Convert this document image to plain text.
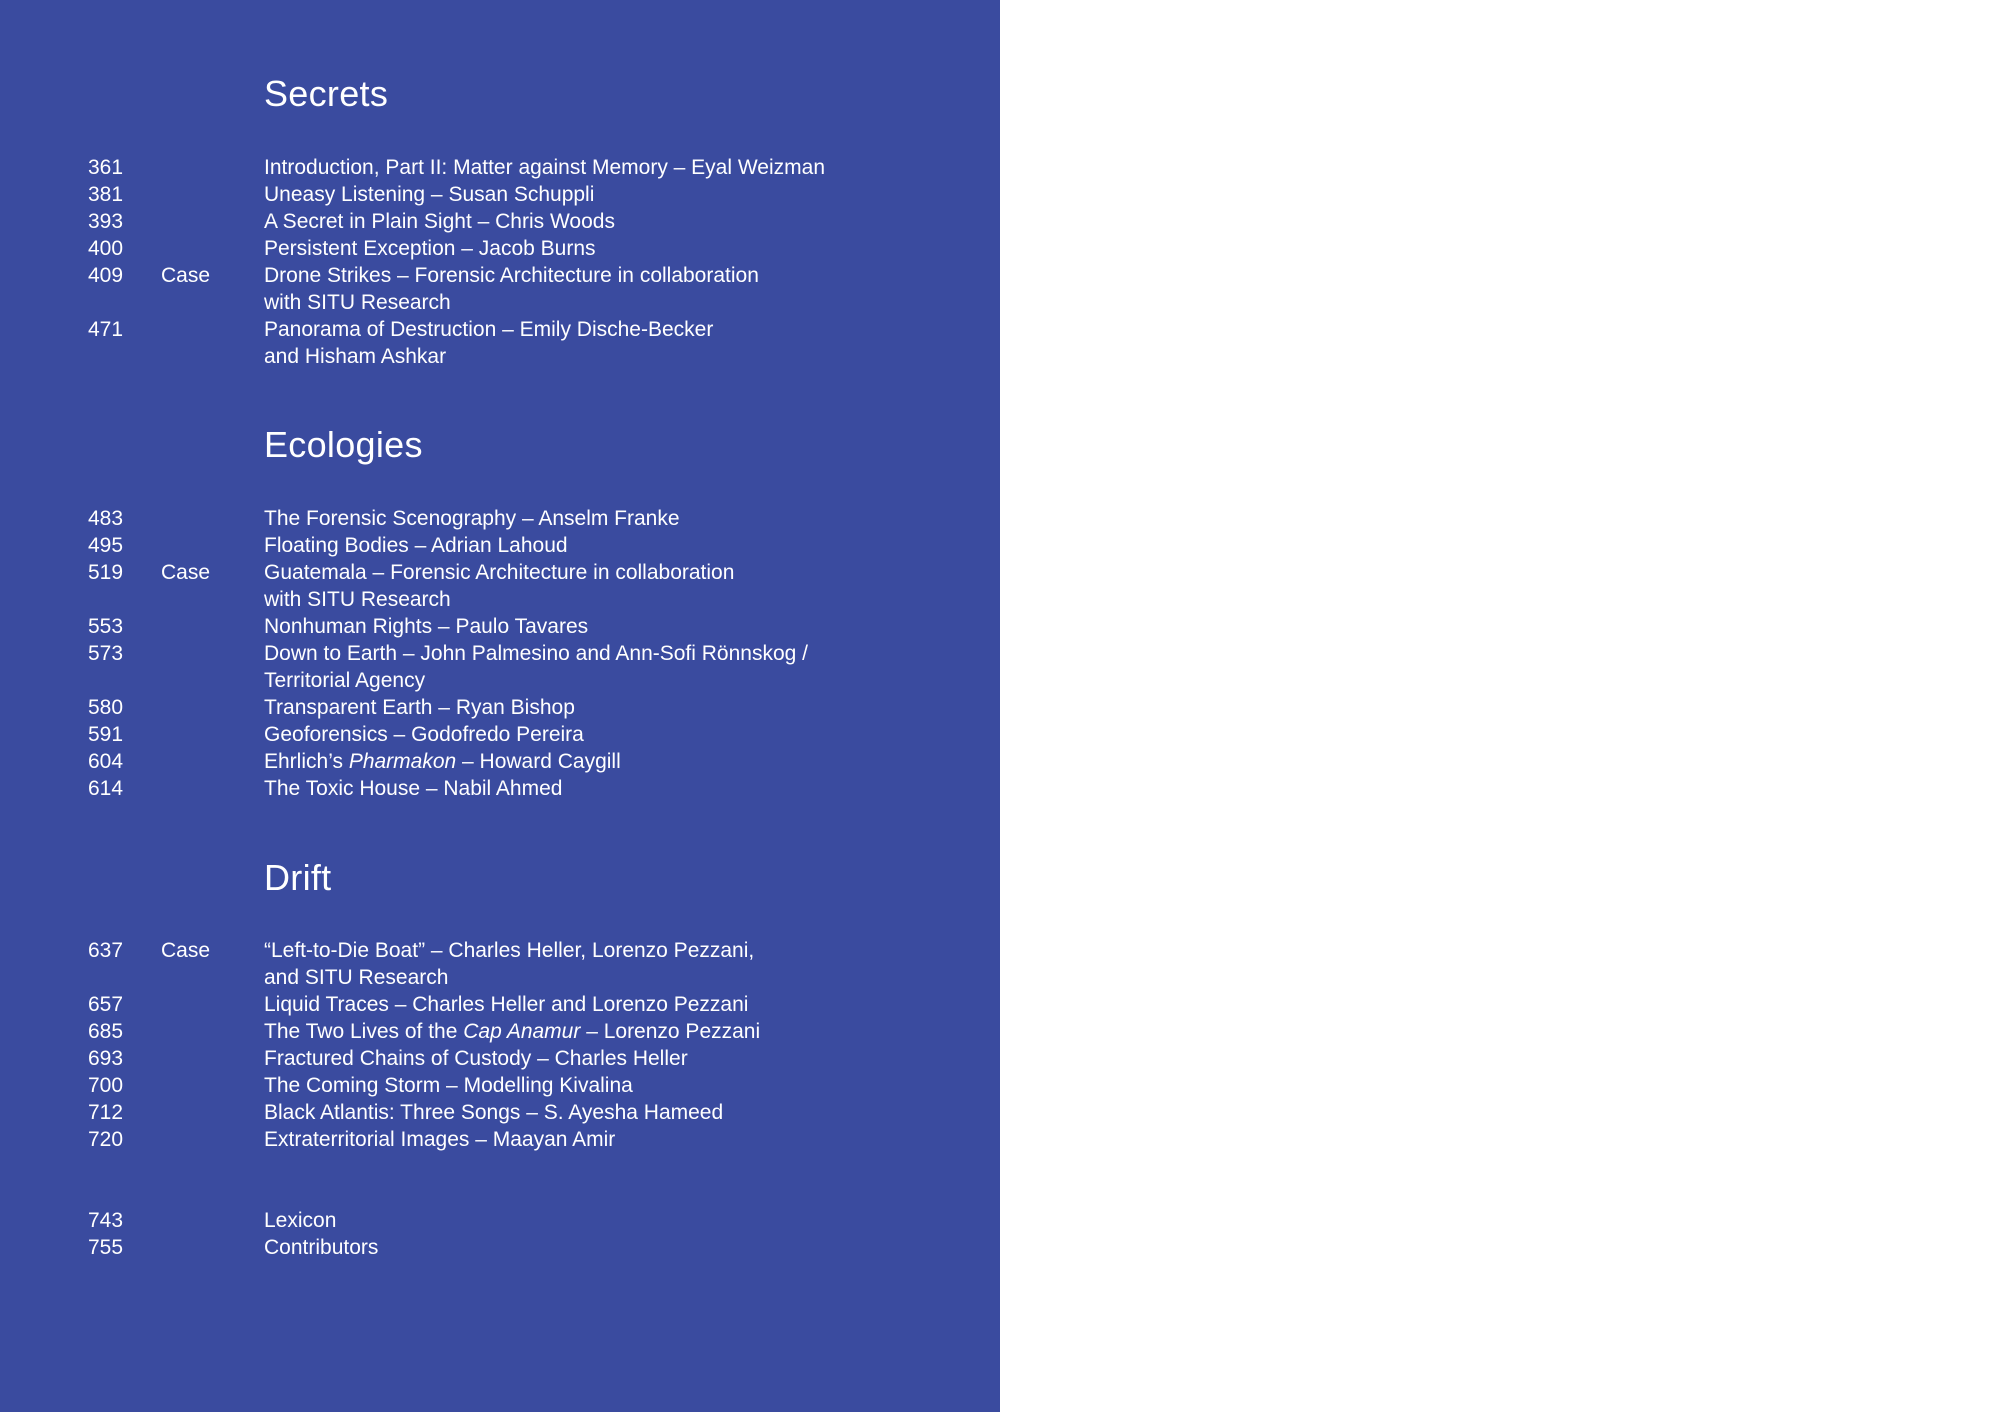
Secrets
361	Introduction, Part II: Matter against Memory – Eyal Weizman
381	Uneasy Listening – Susan Schuppli
393	A Secret in Plain Sight – Chris Woods
400	Persistent Exception – Jacob Burns
409 Case	Drone Strikes – Forensic Architecture in collaboration
with SITU Research
471	Panorama of Destruction – Emily Dische-Becker
and Hisham Ashkar
Ecologies
483	The Forensic Scenography – Anselm Franke
495	Floating Bodies – Adrian Lahoud
519 Case	Guatemala – Forensic Architecture in collaboration
with SITU Research
553	Nonhuman Rights – Paulo Tavares
573	Down to Earth – John Palmesino and Ann-Sofi Rönnskog /
Territorial Agency
580	Transparent Earth – Ryan Bishop
591	Geoforensics – Godofredo Pereira
604	Ehrlich’s Pharmakon – Howard Caygill
614	The Toxic House – Nabil Ahmed
Drift
637 Case	“Left-to-Die Boat” – Charles Heller, Lorenzo Pezzani,
and SITU Research
657	Liquid Traces – Charles Heller and Lorenzo Pezzani
685	The Two Lives of the Cap Anamur – Lorenzo Pezzani
693	Fractured Chains of Custody – Charles Heller
700	The Coming Storm – Modelling Kivalina
712	Black Atlantis: Three Songs – S. Ayesha Hameed
720	Extraterritorial Images – Maayan Amir
743	Lexicon
755	Contributors
